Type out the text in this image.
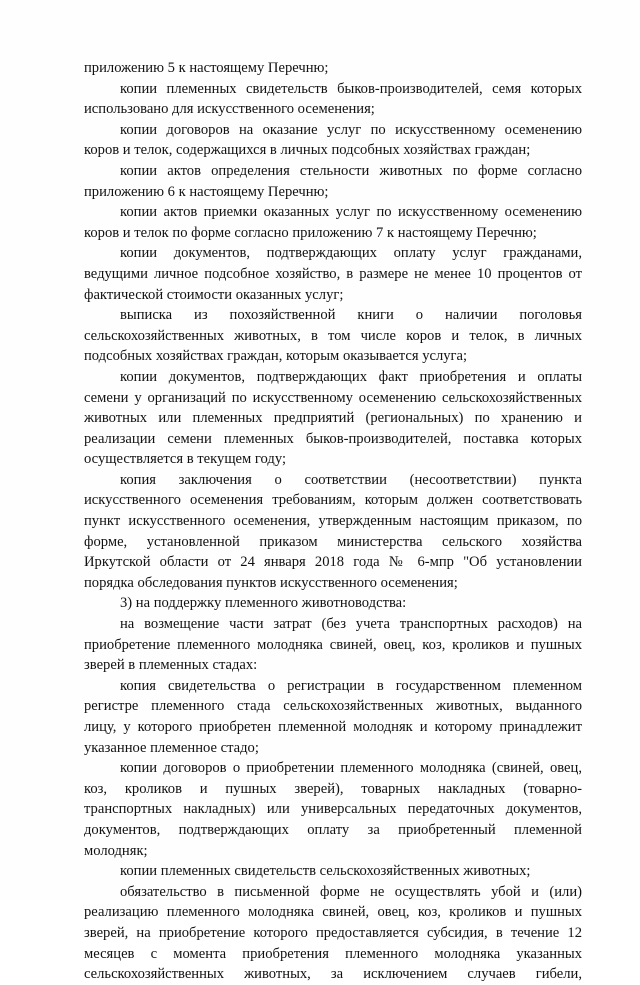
приложению 5 к настоящему Перечню;
копии племенных свидетельств быков-производителей, семя которых
использовано для искусственного осеменения;
копии договоров на оказание услуг по искусственному осеменению
коров и телок, содержащихся в личных подсобных хозяйствах граждан;
копии актов определения стельности животных по форме согласно
приложению 6 к настоящему Перечню;
копии актов приемки оказанных услуг по искусственному осеменению
коров и телок по форме согласно приложению 7 к настоящему Перечню;
копии документов, подтверждающих оплату услуг гражданами,
ведущими личное подсобное хозяйство, в размере не менее 10 процентов от
фактической стоимости оказанных услуг;
выписка из похозяйственной книги о наличии поголовья
сельскохозяйственных животных, в том числе коров и телок, в личных
подсобных хозяйствах граждан, которым оказывается услуга;
копии документов, подтверждающих факт приобретения и оплаты
семени у организаций по искусственному осеменению сельскохозяйственных
животных или племенных предприятий (региональных) по хранению и
реализации семени племенных быков-производителей, поставка которых
осуществляется в текущем году;
копия заключения о соответствии (несоответствии) пункта
искусственного осеменения требованиям, которым должен соответствовать
пункт искусственного осеменения, утвержденным настоящим приказом, по
форме, установленной приказом министерства сельского хозяйства
Иркутской области от 24 января 2018 года № 6-мпр "Об установлении
порядка обследования пунктов искусственного осеменения;
3) на поддержку племенного животноводства:
на возмещение части затрат (без учета транспортных расходов) на
приобретение племенного молодняка свиней, овец, коз, кроликов и пушных
зверей в племенных стадах:
копия свидетельства о регистрации в государственном племенном
регистре племенного стада сельскохозяйственных животных, выданного
лицу, у которого приобретен племенной молодняк и которому принадлежит
указанное племенное стадо;
копии договоров о приобретении племенного молодняка (свиней, овец,
коз, кроликов и пушных зверей), товарных накладных (товарно-
транспортных накладных) или универсальных передаточных документов,
документов, подтверждающих оплату за приобретенный племенной
молодняк;
копии племенных свидетельств сельскохозяйственных животных;
обязательство в письменной форме не осуществлять убой и (или)
реализацию племенного молодняка свиней, овец, коз, кроликов и пушных
зверей, на приобретение которого предоставляется субсидия, в течение 12
месяцев с момента приобретения племенного молодняка указанных
сельскохозяйственных животных, за исключением случаев гибели,
